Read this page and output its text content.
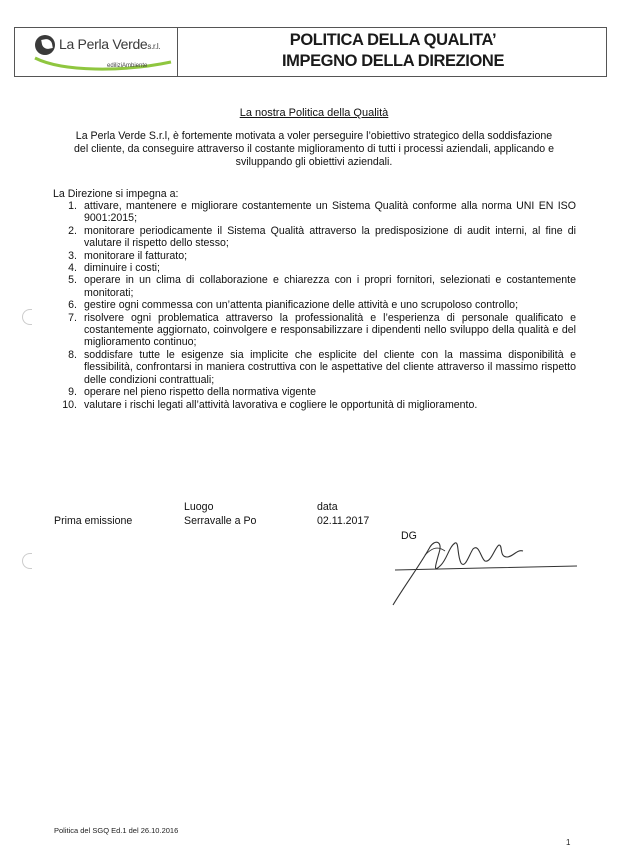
La Perla Verdes.r.l.
ediliziAmbiente
POLITICA DELLA QUALITA’
IMPEGNO DELLA DIREZIONE
La nostra Politica della Qualità
La Perla Verde S.r.l, è fortemente motivata a voler perseguire l’obiettivo strategico della soddisfazione del cliente, da conseguire attraverso il costante miglioramento di tutti i processi aziendali, applicando e sviluppando gli obiettivi aziendali.
La Direzione si impegna a:
1. attivare, mantenere e migliorare costantemente un Sistema Qualità conforme alla norma UNI EN ISO 9001:2015;
2. monitorare periodicamente il Sistema Qualità attraverso la predisposizione di audit interni, al fine di valutare il rispetto dello stesso;
3. monitorare il fatturato;
4. diminuire i costi;
5. operare in un clima di collaborazione e chiarezza con i propri fornitori, selezionati e costantemente monitorati;
6. gestire ogni commessa con un’attenta pianificazione delle attività e uno scrupoloso controllo;
7. risolvere ogni problematica attraverso la professionalità e l’esperienza di personale qualificato e costantemente aggiornato, coinvolgere e responsabilizzare i dipendenti nello sviluppo della qualità e del miglioramento continuo;
8. soddisfare tutte le esigenze sia implicite che esplicite del cliente con la massima disponibilità e flessibilità, confrontarsi in maniera costruttiva con le aspettative del cliente attraverso il massimo rispetto delle condizioni contrattuali;
9. operare nel pieno rispetto della normativa vigente
10. valutare i rischi legati all’attività lavorativa e cogliere le opportunità di miglioramento.
Prima emissione
Luogo
Serravalle a Po
data
02.11.2017
DG
Politica del SGQ Ed.1 del 26.10.2016
1
